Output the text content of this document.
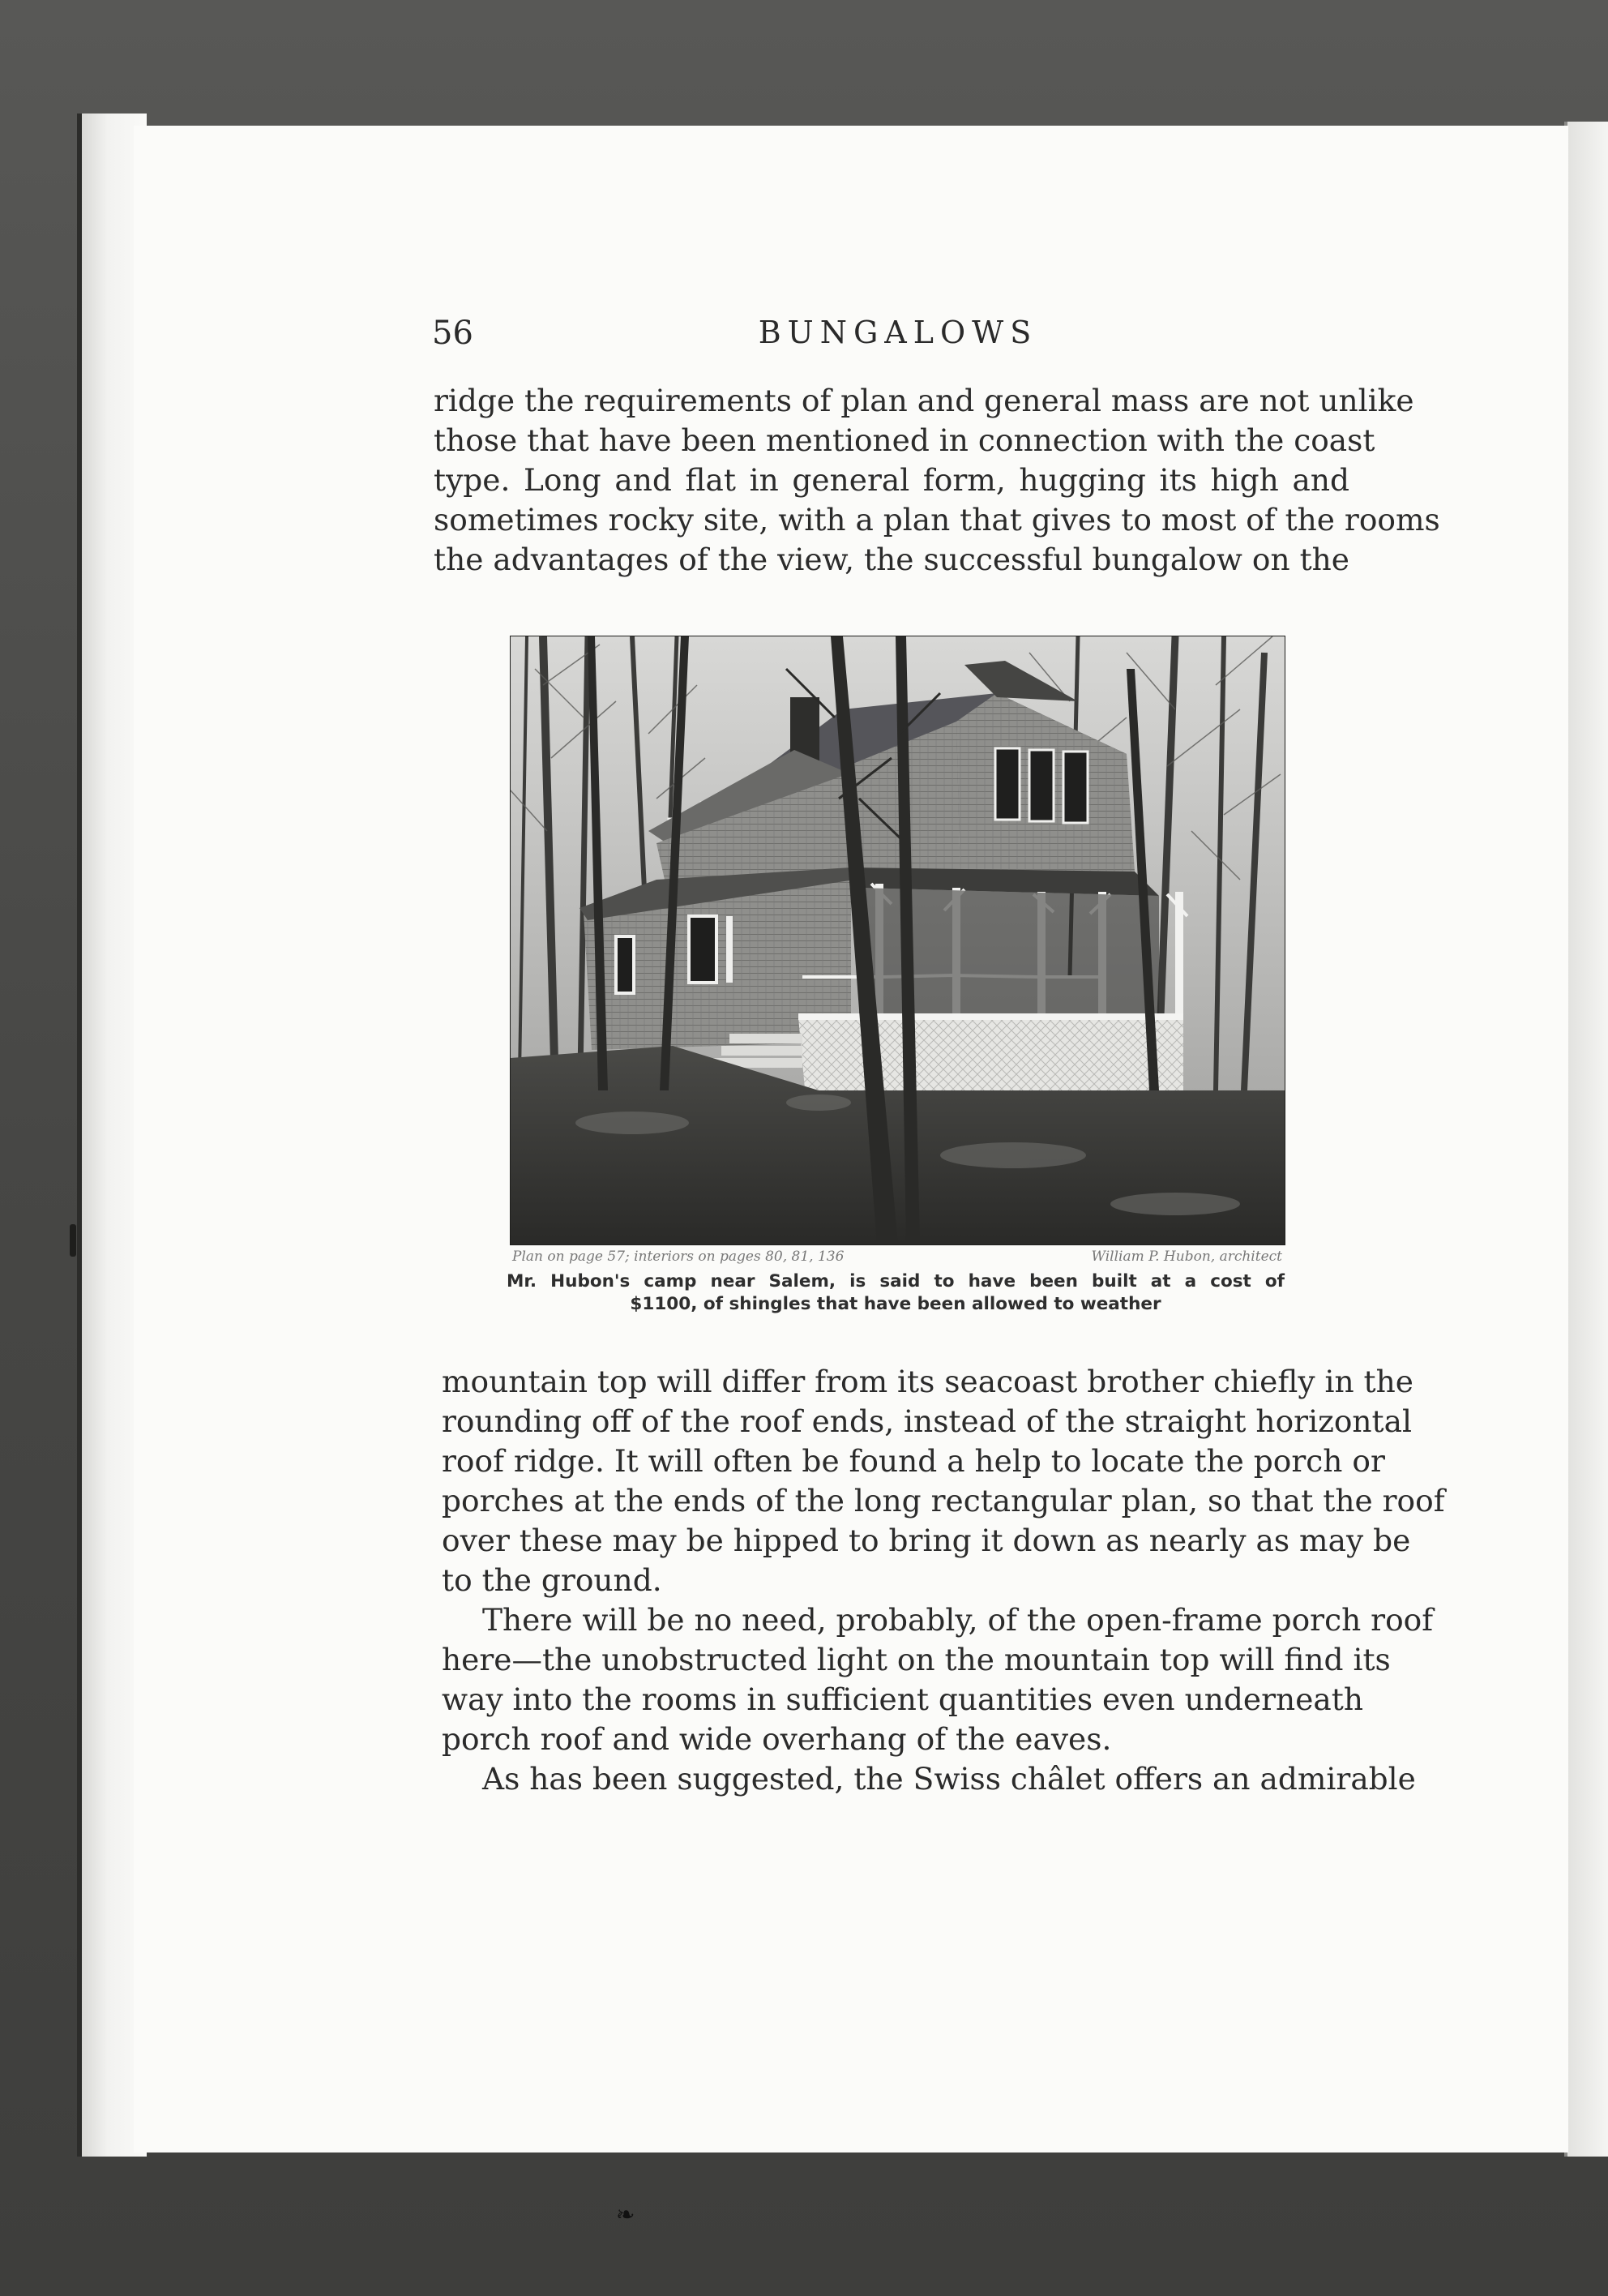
56	BUNGALOWS
ridge the requirements of plan and general mass are not unlike
those that have been mentioned in connection with the coast
type. Long and flat in general form, hugging its high and
sometimes rocky site, with a plan that gives to most of the rooms
the advantages of the view, the successful bungalow on the
Plan on page 57; interiors on pages 80, 81, 136	William P. Hubon, architect
Mr. Hubon's camp near Salem, is said to have been built at a cost of
$1100, of shingles that have been allowed to weather
mountain top will differ from its seacoast brother chiefly in the
rounding off of the roof ends, instead of the straight horizontal
roof ridge. It will often be found a help to locate the porch or
porches at the ends of the long rectangular plan, so that the roof
over these may be hipped to bring it down as nearly as may be
to the ground.
There will be no need, probably, of the open-frame porch roof
here—the unobstructed light on the mountain top will find its
way into the rooms in sufficient quantities even underneath
porch roof and wide overhang of the eaves.
As has been suggested, the Swiss châlet offers an admirable
❧
